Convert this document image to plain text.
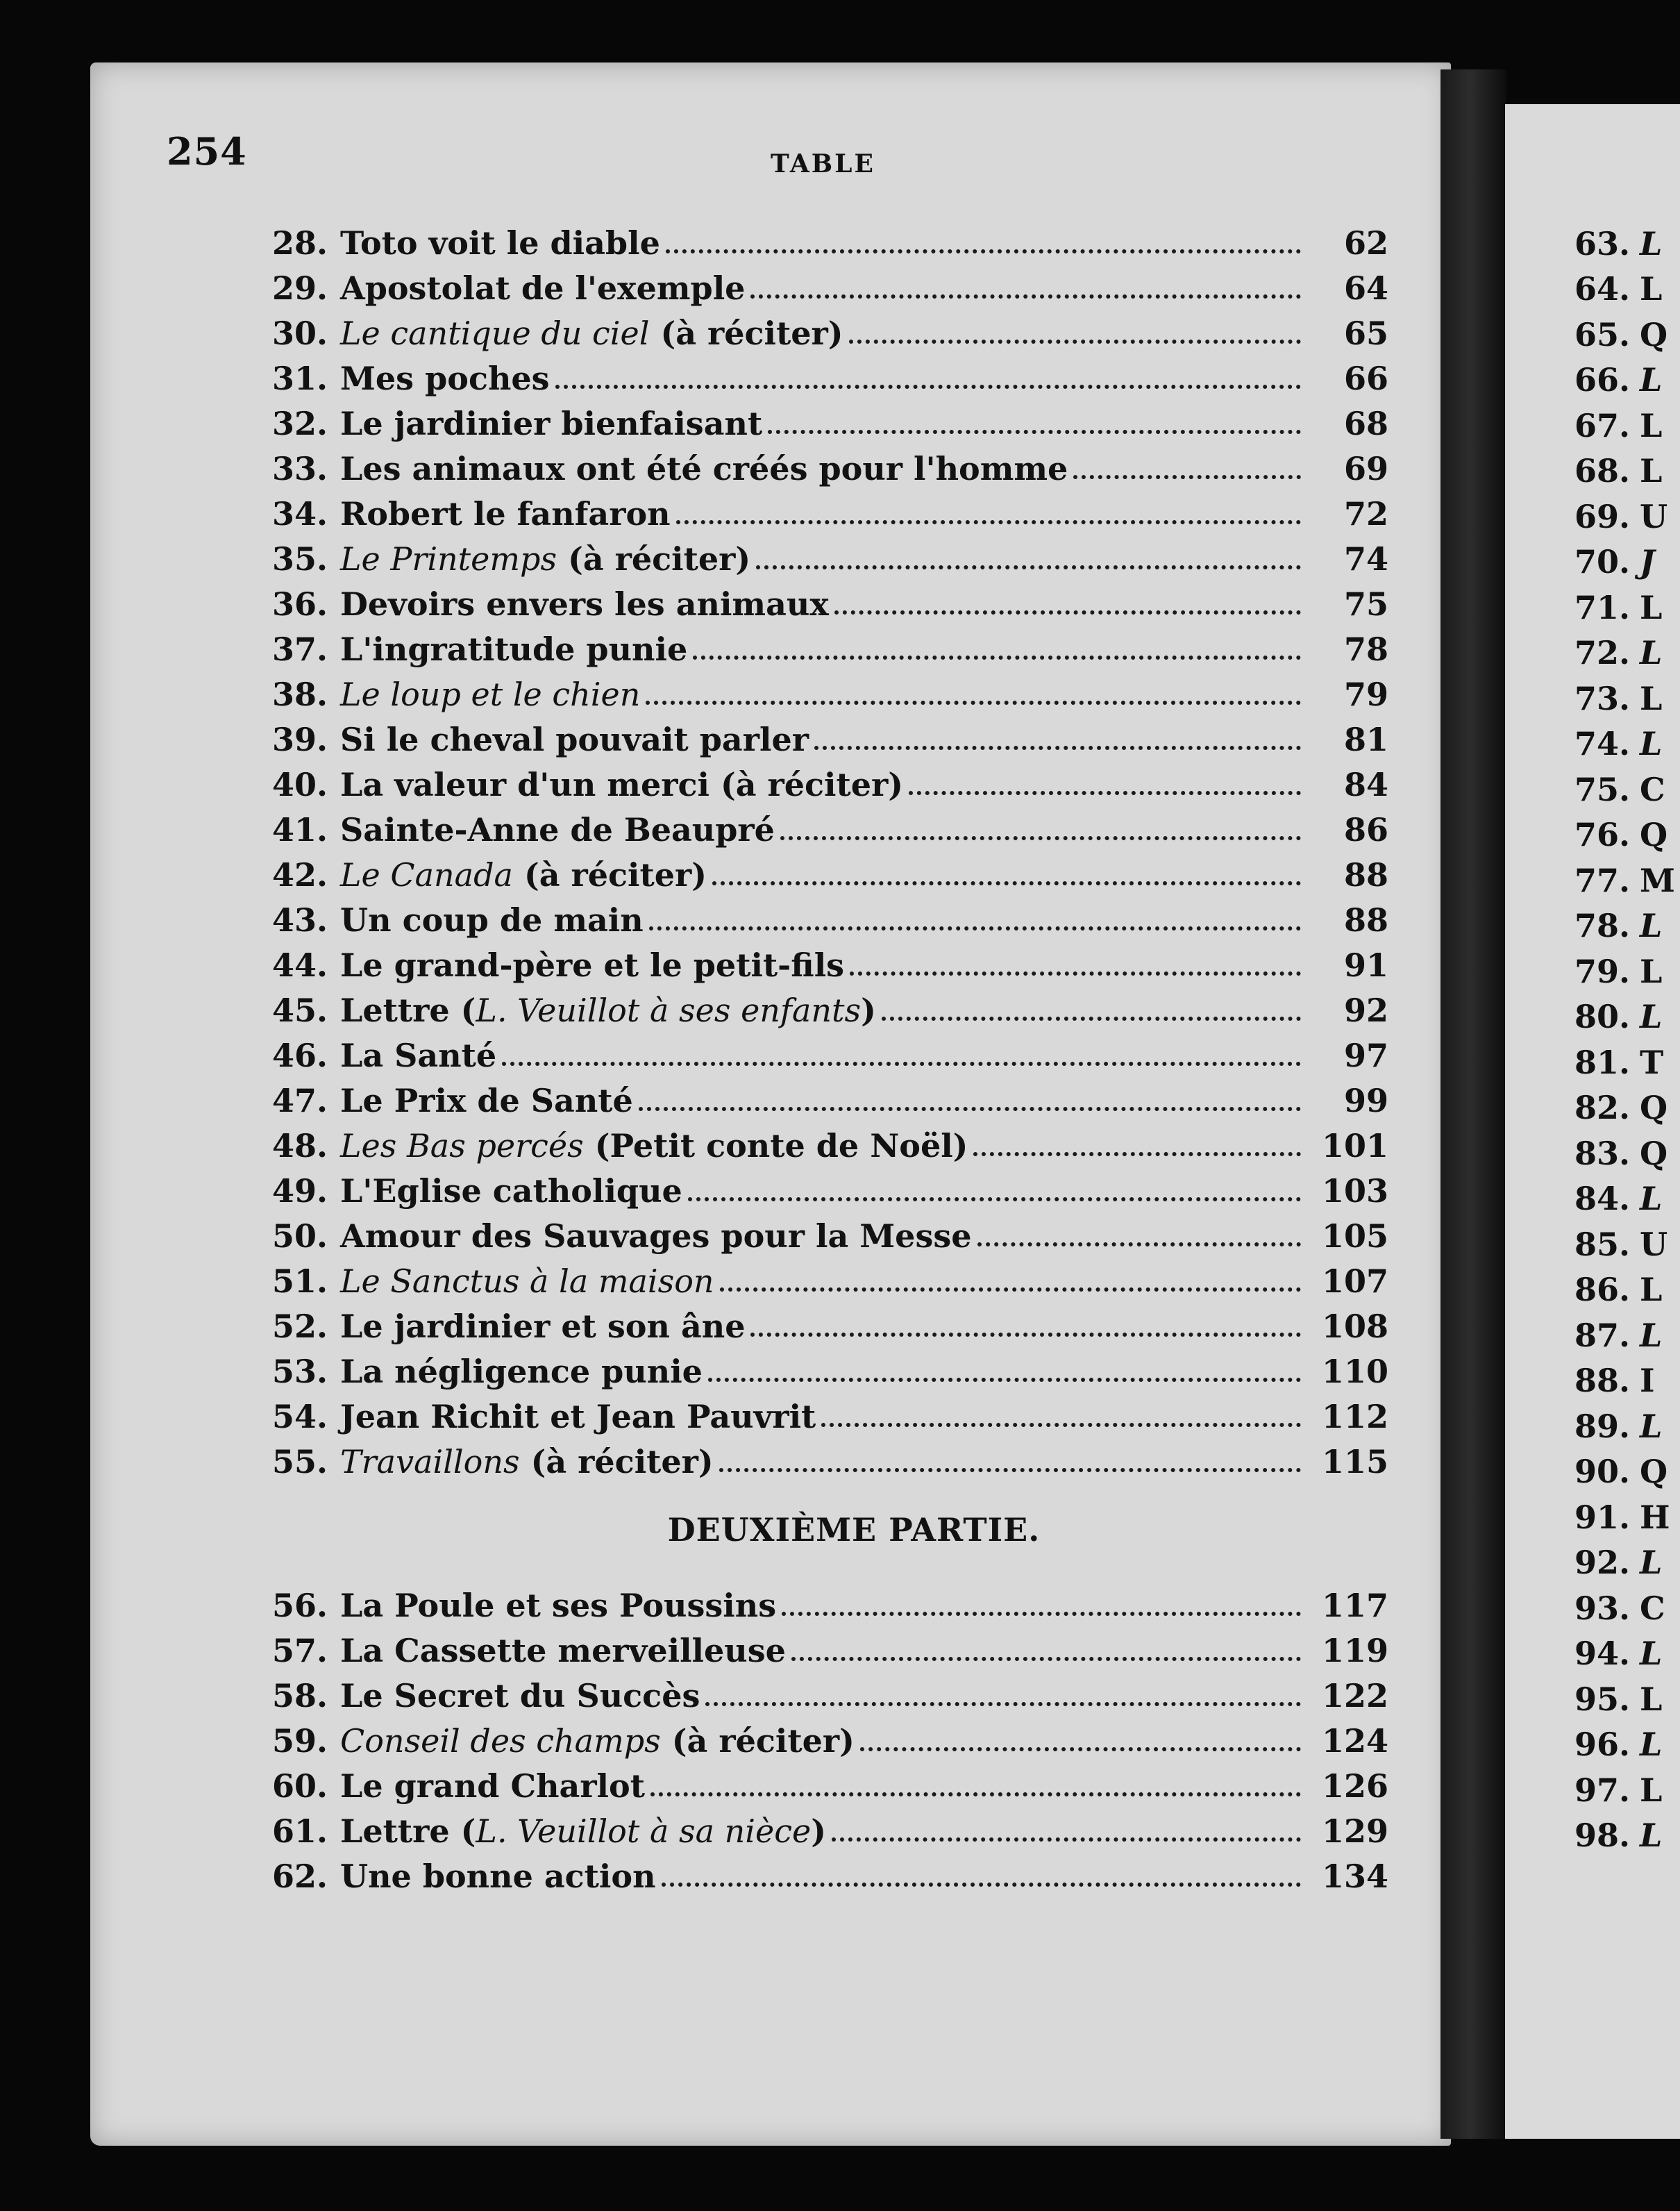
254	TABLE
28. Toto voit le diable	62
29. Apostolat de l'exemple	64
30. Le cantique du ciel (à réciter)	65
31. Mes poches	66
32. Le jardinier bienfaisant	68
33. Les animaux ont été créés pour l'homme	69
34. Robert le fanfaron	72
35. Le Printemps (à réciter)	74
36. Devoirs envers les animaux	75
37. L'ingratitude punie	78
38. Le loup et le chien	79
39. Si le cheval pouvait parler	81
40. La valeur d'un merci (à réciter)	84
41. Sainte-Anne de Beaupré	86
42. Le Canada (à réciter)	88
43. Un coup de main	88
44. Le grand-père et le petit-fils	91
45. Lettre (L. Veuillot à ses enfants)	92
46. La Santé	97
47. Le Prix de Santé	99
48. Les Bas percés (Petit conte de Noël)	101
49. L'Eglise catholique	103
50. Amour des Sauvages pour la Messe	105
51. Le Sanctus à la maison	107
52. Le jardinier et son âne	108
53. La négligence punie	110
54. Jean Richit et Jean Pauvrit	112
55. Travaillons (à réciter)	115
DEUXIÈME PARTIE.
56. La Poule et ses Poussins	117
57. La Cassette merveilleuse	119
58. Le Secret du Succès	122
59. Conseil des champs (à réciter)	124
60. Le grand Charlot	126
61. Lettre (L. Veuillot à sa nièce)	129
62. Une bonne action	134
63. L
64. L
65. Q
66. L
67. L
68. L
69. U
70. J
71. L
72. L
73. L
74. L
75. C
76. Q
77. M
78. L
79. L
80. L
81. T
82. Q
83. Q
84. L
85. U
86. L
87. L
88. I
89. L
90. Q
91. H
92. L
93. C
94. L
95. L
96. L
97. L
98. L
